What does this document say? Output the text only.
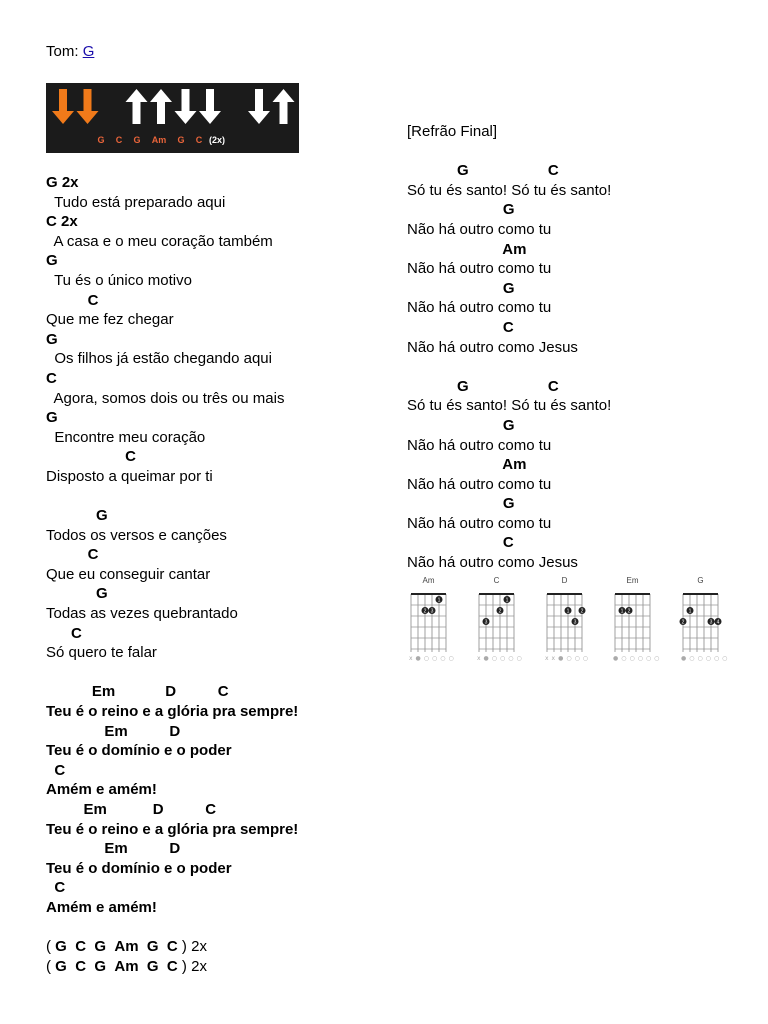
Tom: G
G C G Am G C (2x)
G 2x
Tudo está preparado aqui
C 2x
A casa e o meu coração também
G
Tu és o único motivo
C
Que me fez chegar
G
Os filhos já estão chegando aqui
C
Agora, somos dois ou três ou mais
G
Encontre meu coração
C
Disposto a queimar por ti

G
Todos os versos e canções
C
Que eu conseguir cantar
G
Todas as vezes quebrantado
C
Só quero te falar

Em            D          C
Teu é o reino e a glória pra sempre!
Em          D
Teu é o domínio e o poder
C
Amém e amém!
Em           D          C
Teu é o reino e a glória pra sempre!
Em          D
Teu é o domínio e o poder
C
Amém e amém!

( G C G Am G C ) 2x
( G C G Am G C ) 2x
[Refrão Final]

G                   C
Só tu és santo! Só tu és santo!
G
Não há outro como tu
Am
Não há outro como tu
G
Não há outro como tu
C
Não há outro como Jesus

G                   C
Só tu és santo! Só tu és santo!
G
Não há outro como tu
Am
Não há outro como tu
G
Não há outro como tu
C
Não há outro como Jesus
Am
1
2 3
x●○○○○
C
1
2
3
x●○○○○
D
1 2
3
xx●○○○
Em
1 2
●○○○○○
G
1
2	3 4
●○○○○○
